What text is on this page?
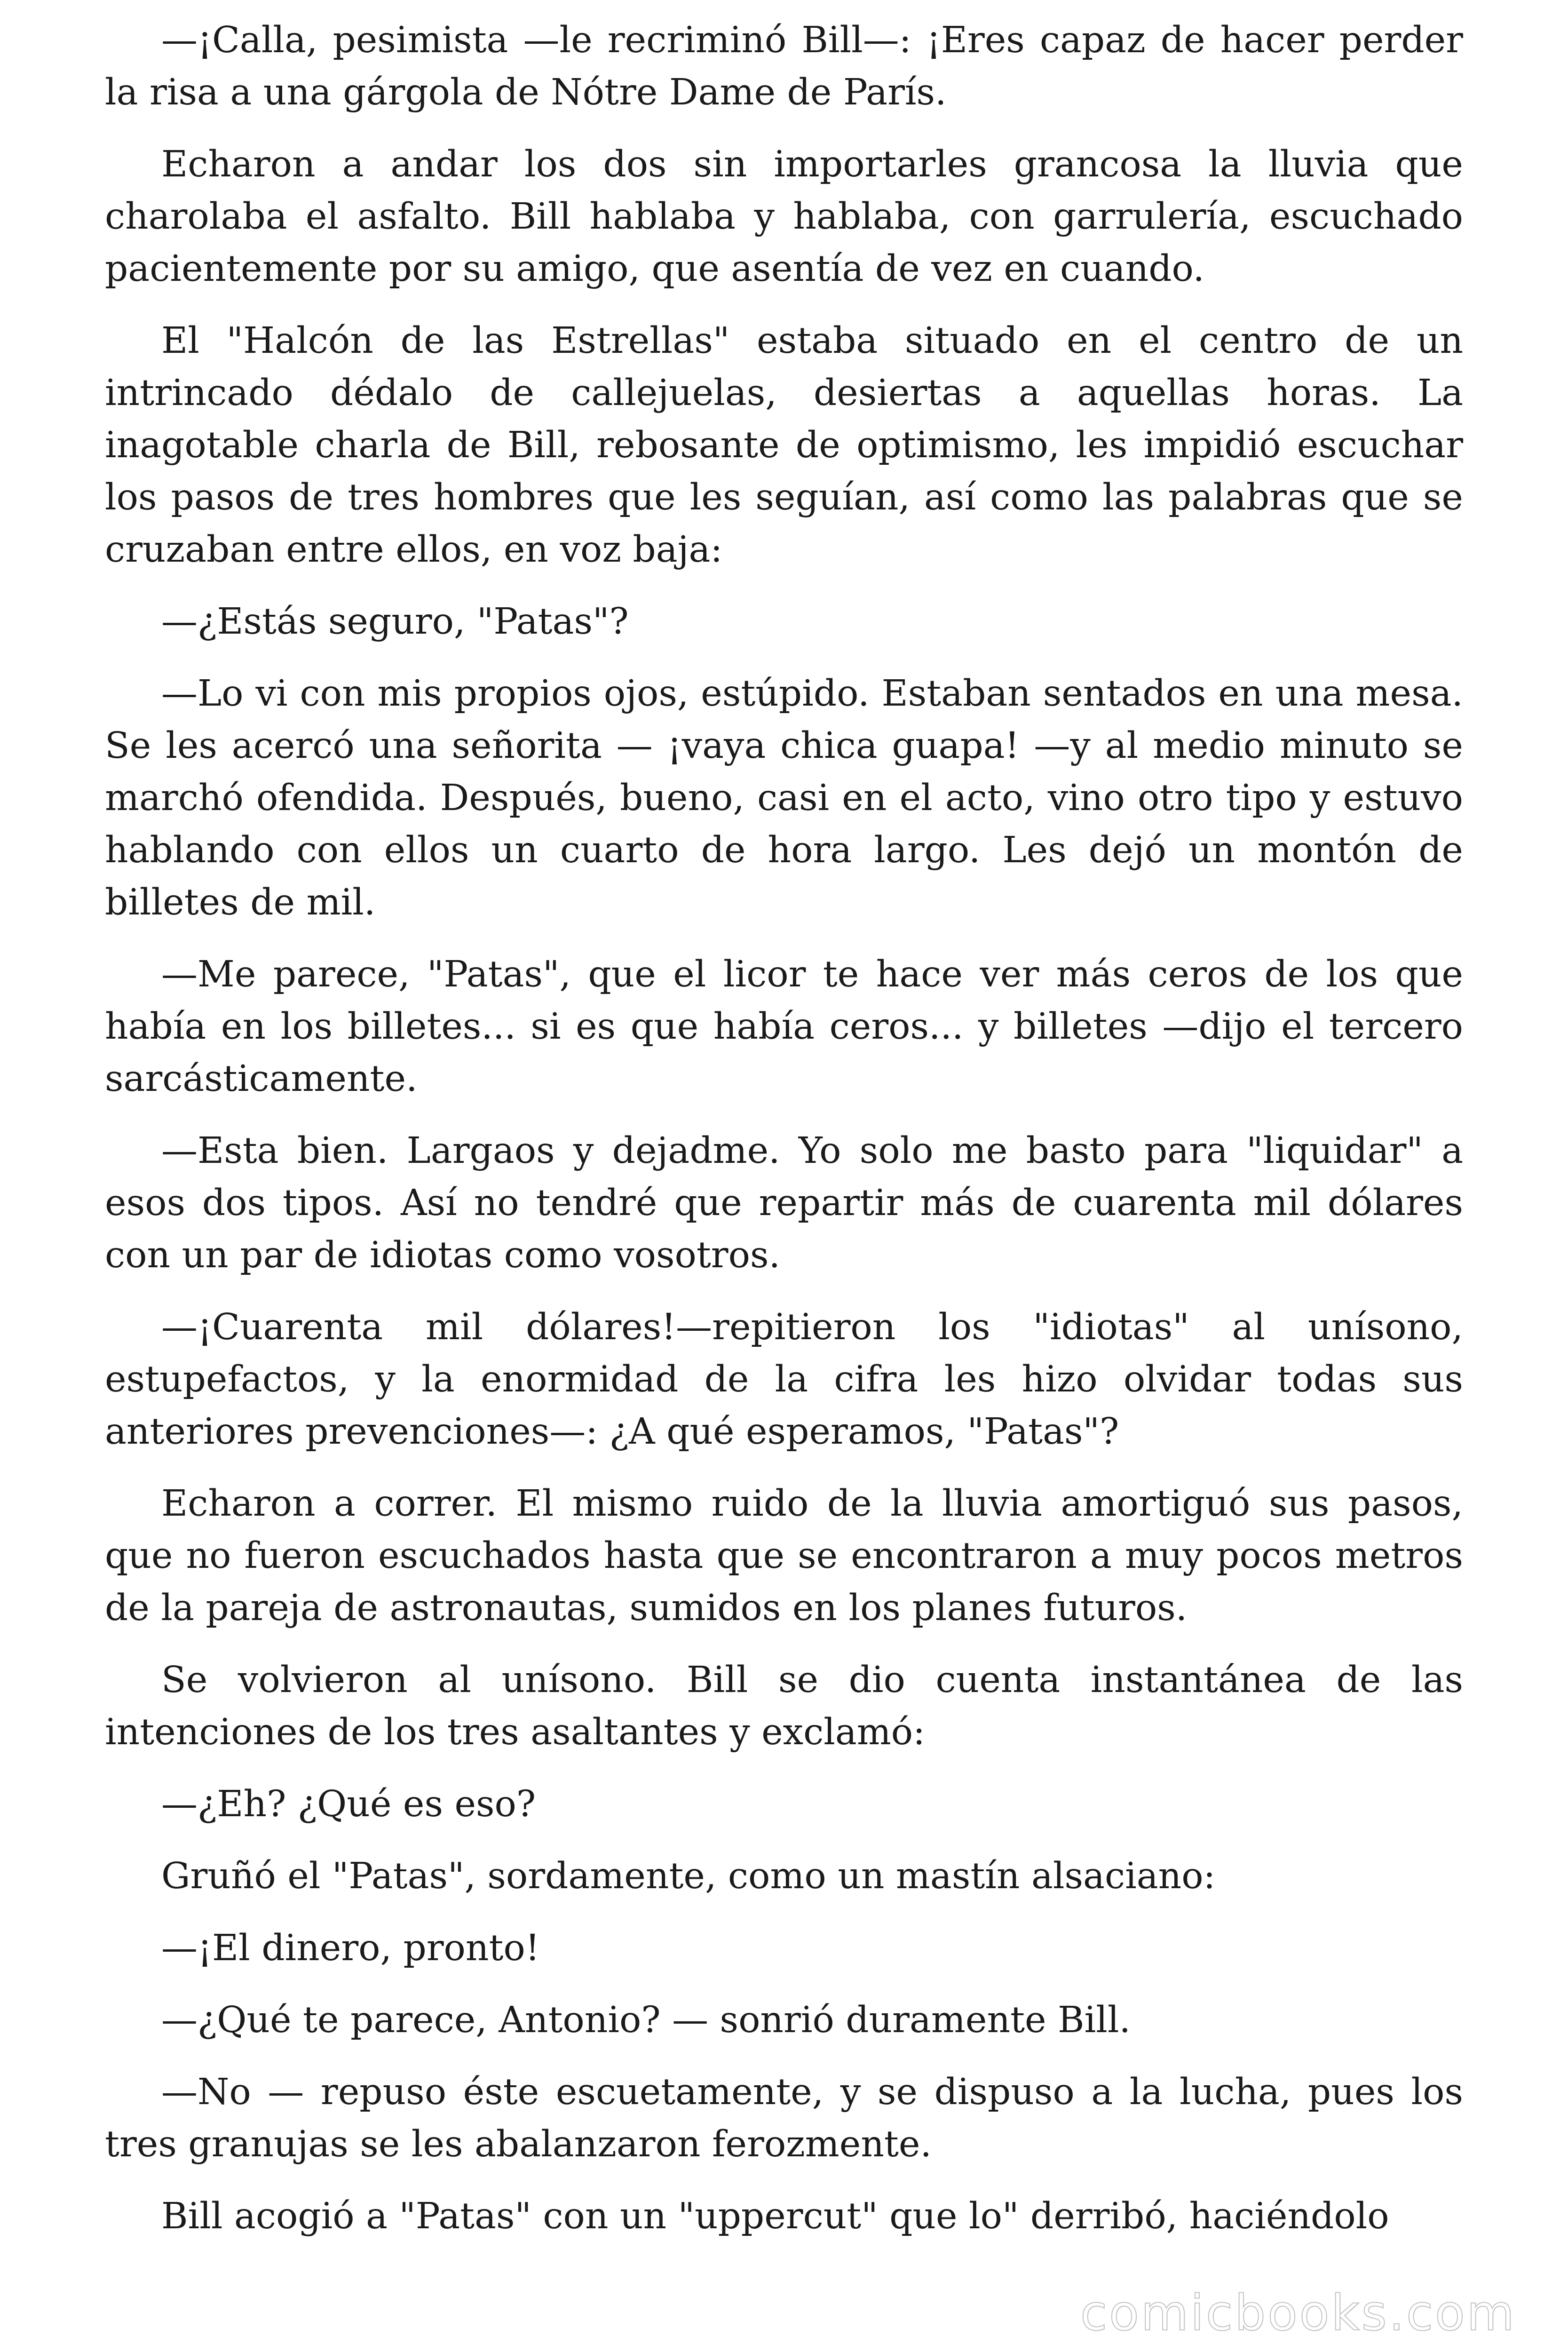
—¡Calla, pesimista —le recriminó Bill—: ¡Eres capaz de hacer perder la risa a una gárgola de Nótre Dame de París.

Echaron a andar los dos sin importarles grancosa la lluvia que charolaba el asfalto. Bill hablaba y hablaba, con garrulería, escuchado pacientemente por su amigo, que asentía de vez en cuando.

El "Halcón de las Estrellas" estaba situado en el centro de un intrincado dédalo de callejuelas, desiertas a aquellas horas. La inagotable charla de Bill, rebosante de optimismo, les impidió escuchar los pasos de tres hombres que les seguían, así como las palabras que se cruzaban entre ellos, en voz baja:

—¿Estás seguro, "Patas"?

—Lo vi con mis propios ojos, estúpido. Estaban sentados en una mesa. Se les acercó una señorita — ¡vaya chica guapa! —y al medio minuto se marchó ofendida. Después, bueno, casi en el acto, vino otro tipo y estuvo hablando con ellos un cuarto de hora largo. Les dejó un montón de billetes de mil.

—Me parece, "Patas", que el licor te hace ver más ceros de los que había en los billetes... si es que había ceros... y billetes —dijo el tercero sarcásticamente.

—Esta bien. Largaos y dejadme. Yo solo me basto para "liquidar" a esos dos tipos. Así no tendré que repartir más de cuarenta mil dólares con un par de idiotas como vosotros.

—¡Cuarenta mil dólares!—repitieron los "idiotas" al unísono, estupefactos, y la enormidad de la cifra les hizo olvidar todas sus anteriores prevenciones—: ¿A qué esperamos, "Patas"?

Echaron a correr. El mismo ruido de la lluvia amortiguó sus pasos, que no fueron escuchados hasta que se encontraron a muy pocos metros de la pareja de astronautas, sumidos en los planes futuros.

Se volvieron al unísono. Bill se dio cuenta instantánea de las intenciones de los tres asaltantes y exclamó:

—¿Eh? ¿Qué es eso?

Gruñó el "Patas", sordamente, como un mastín alsaciano:

—¡El dinero, pronto!

—¿Qué te parece, Antonio? — sonrió duramente Bill.

—No — repuso éste escuetamente, y se dispuso a la lucha, pues los tres granujas se les abalanzaron ferozmente.

Bill acogió a "Patas" con un "uppercut" que lo" derribó, haciéndolo

comicbooks.com
